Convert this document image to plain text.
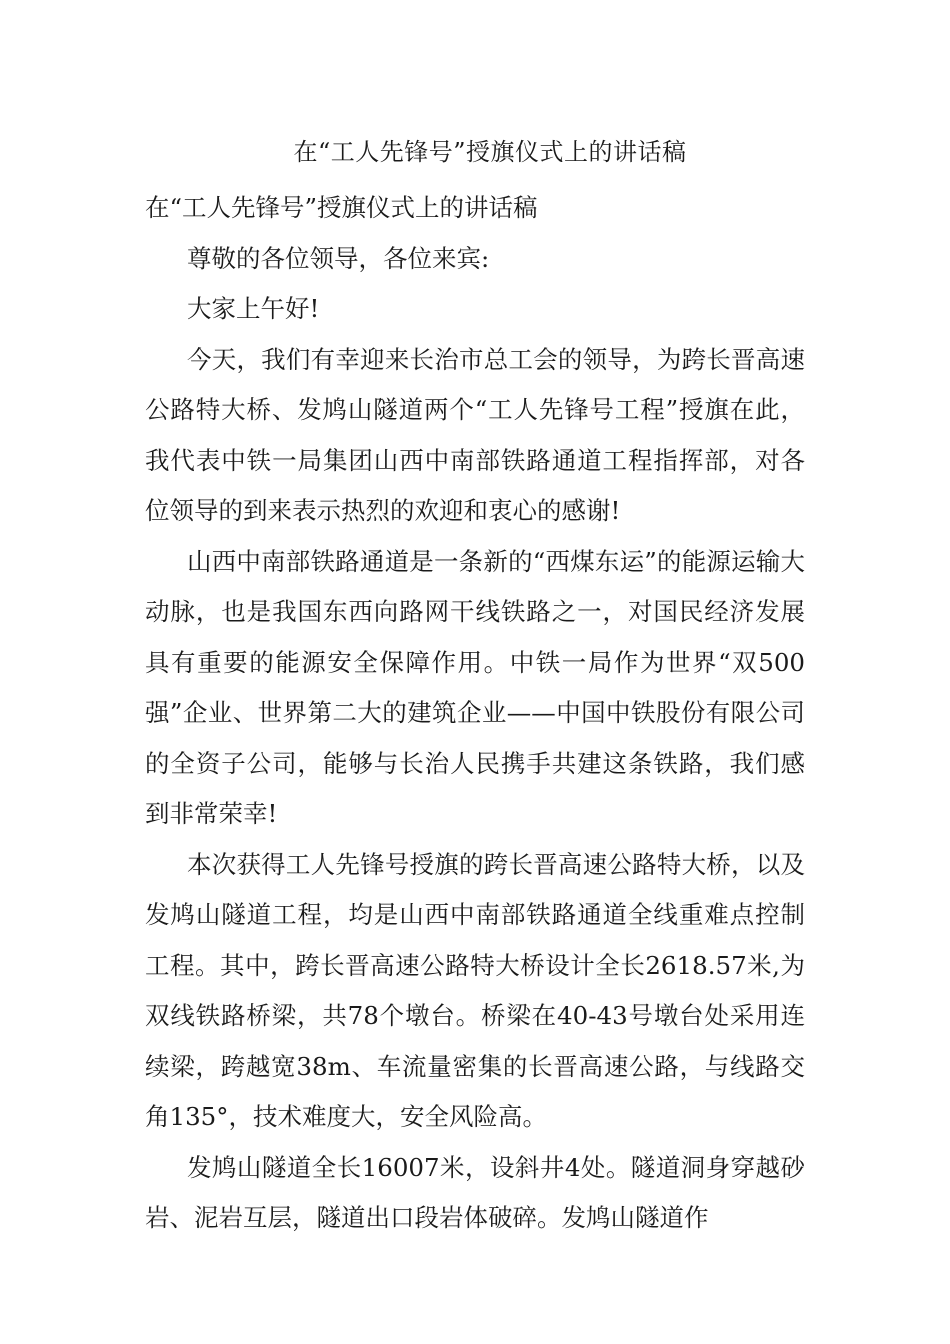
在“工人先锋号”授旗仪式上的讲话稿

在“工人先锋号”授旗仪式上的讲话稿

尊敬的各位领导，各位来宾:

大家上午好!

今天，我们有幸迎来长治市总工会的领导，为跨长晋高速公路特大桥、发鸠山隧道两个“工人先锋号工程”授旗在此，我代表中铁一局集团山西中南部铁路通道工程指挥部，对各位领导的到来表示热烈的欢迎和衷心的感谢!

山西中南部铁路通道是一条新的“西煤东运”的能源运输大动脉，也是我国东西向路网干线铁路之一，对国民经济发展具有重要的能源安全保障作用。中铁一局作为世界“双500强”企业、世界第二大的建筑企业——中国中铁股份有限公司的全资子公司，能够与长治人民携手共建这条铁路，我们感到非常荣幸!

本次获得工人先锋号授旗的跨长晋高速公路特大桥，以及发鸠山隧道工程，均是山西中南部铁路通道全线重难点控制工程。其中，跨长晋高速公路特大桥设计全长2618.57米,为双线铁路桥梁，共78个墩台。桥梁在40-43号墩台处采用连续梁，跨越宽38m、车流量密集的长晋高速公路，与线路交角135°，技术难度大，安全风险高。

发鸠山隧道全长16007米，设斜井4处。隧道洞身穿越砂岩、泥岩互层，隧道出口段岩体破碎。发鸠山隧道作
